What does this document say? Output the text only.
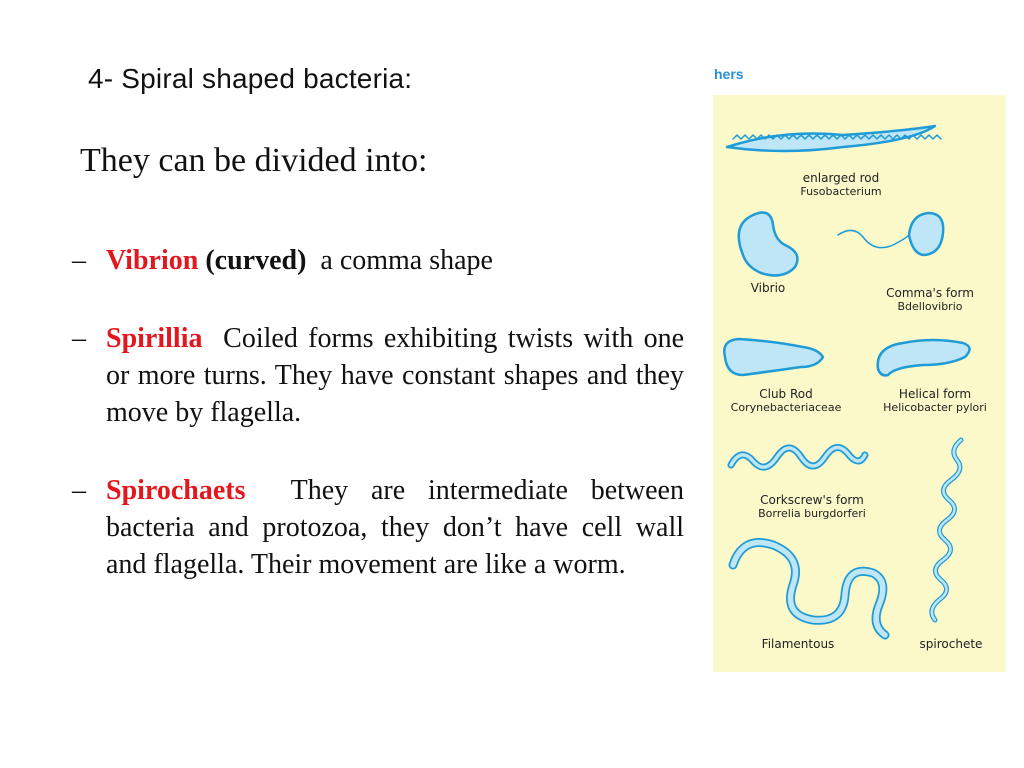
4- Spiral shaped bacteria:

They can be divided into:

– Vibrion (curved) a comma shape
– Spirillia Coiled forms exhibiting twists with one or more turns. They have constant shapes and they move by flagella.
– Spirochaets They are intermediate between bacteria and protozoa, they don’t have cell wall and flagella. Their movement are like a worm.

hers

enlarged rod
Fusobacterium

Vibrio	Comma's form
Bdellovibrio

Club Rod
Corynebacteriaceae

Helical form
Helicobacter pylori

Corkscrew's form
Borrelia burgdorferi

Filamentous	spirochete
